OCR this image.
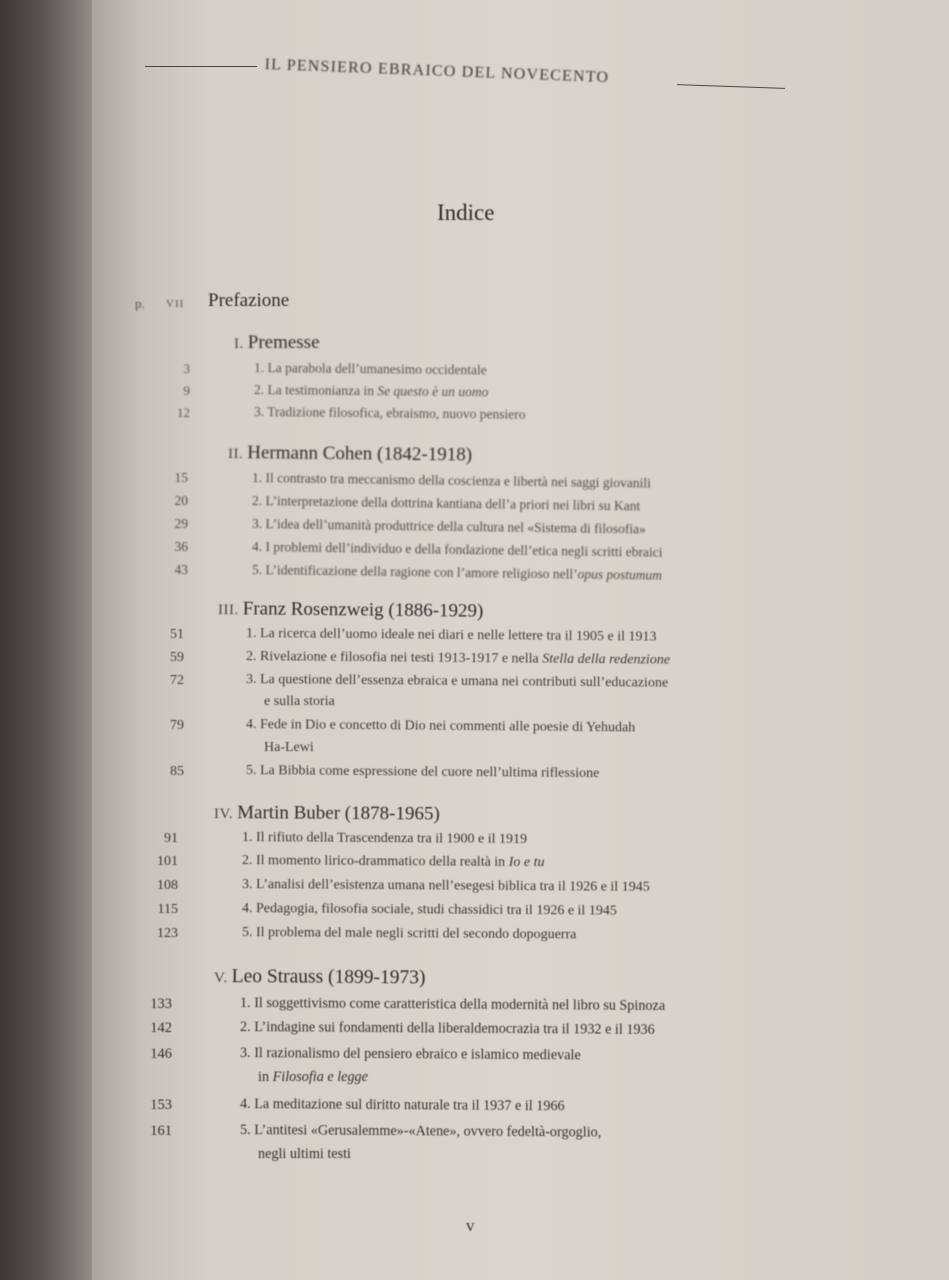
IL PENSIERO EBRAICO DEL NOVECENTO
Indice
p. VII Prefazione
I. Premesse
3	1. La parabola dell’umanesimo occidentale
9	2. La testimonianza in Se questo è un uomo
12	3. Tradizione filosofica, ebraismo, nuovo pensiero
II. Hermann Cohen (1842-1918)
15	1. Il contrasto tra meccanismo della coscienza e libertà nei saggi giovanili
20	2. L’interpretazione della dottrina kantiana dell’a priori nei libri su Kant
29	3. L’idea dell’umanità produttrice della cultura nel «Sistema di filosofia»
36	4. I problemi dell’individuo e della fondazione dell’etica negli scritti ebraici
43	5. L’identificazione della ragione con l’amore religioso nell’opus postumum
III. Franz Rosenzweig (1886-1929)
51	1. La ricerca dell’uomo ideale nei diari e nelle lettere tra il 1905 e il 1913
59	2. Rivelazione e filosofia nei testi 1913-1917 e nella Stella della redenzione
72	3. La questione dell’essenza ebraica e umana nei contributi sull’educazione
e sulla storia
79	4. Fede in Dio e concetto di Dio nei commenti alle poesie di Yehudah
Ha-Lewi
85	5. La Bibbia come espressione del cuore nell’ultima riflessione
IV. Martin Buber (1878-1965)
91	1. Il rifiuto della Trascendenza tra il 1900 e il 1919
101	2. Il momento lirico-drammatico della realtà in Io e tu
108	3. L’analisi dell’esistenza umana nell’esegesi biblica tra il 1926 e il 1945
115	4. Pedagogia, filosofia sociale, studi chassidici tra il 1926 e il 1945
123	5. Il problema del male negli scritti del secondo dopoguerra
V. Leo Strauss (1899-1973)
133	1. Il soggettivismo come caratteristica della modernità nel libro su Spinoza
142	2. L’indagine sui fondamenti della liberaldemocrazia tra il 1932 e il 1936
146	3. Il razionalismo del pensiero ebraico e islamico medievale
in Filosofia e legge
153	4. La meditazione sul diritto naturale tra il 1937 e il 1966
161	5. L’antitesi «Gerusalemme»-«Atene», ovvero fedeltà-orgoglio,
negli ultimi testi
v
